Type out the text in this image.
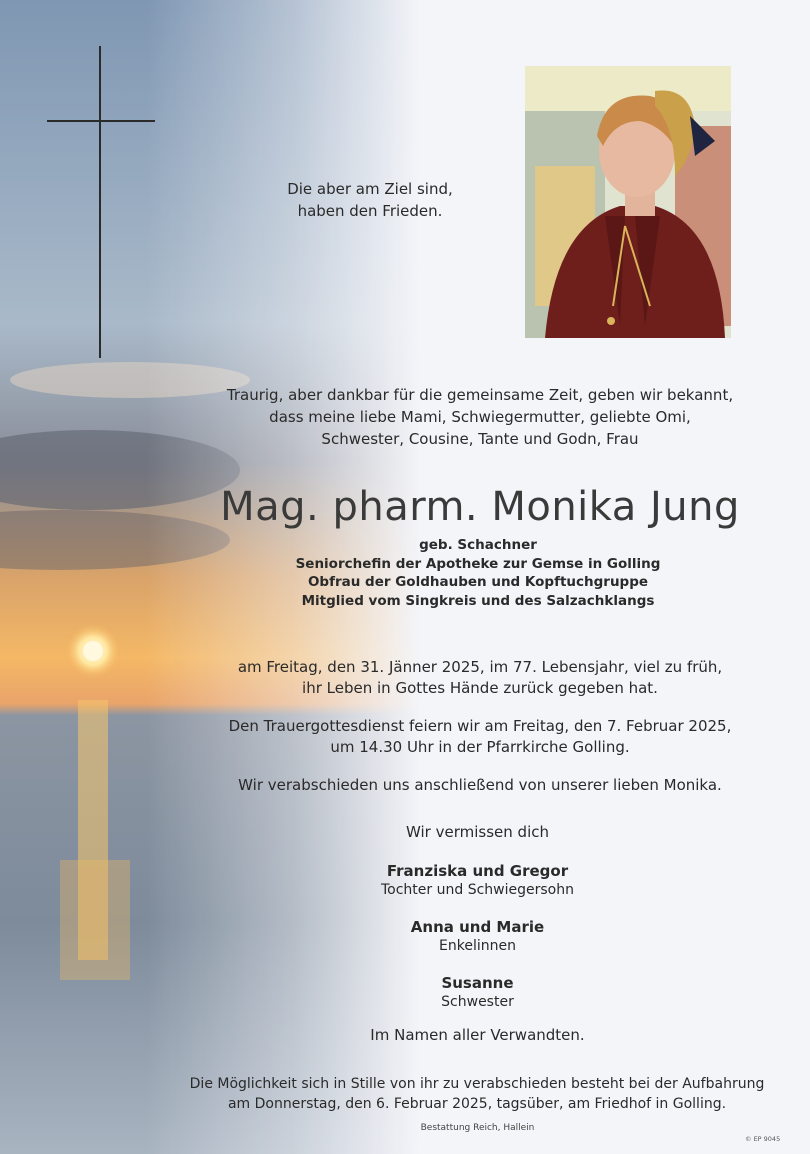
Die aber am Ziel sind,
haben den Frieden.
Traurig, aber dankbar für die gemeinsame Zeit, geben wir bekannt,
dass meine liebe Mami, Schwiegermutter, geliebte Omi,
Schwester, Cousine, Tante und Godn, Frau
Mag. pharm. Monika Jung
geb. Schachner
Seniorchefin der Apotheke zur Gemse in Golling
Obfrau der Goldhauben und Kopftuchgruppe
Mitglied vom Singkreis und des Salzachklangs
am Freitag, den 31. Jänner 2025, im 77. Lebensjahr, viel zu früh,
ihr Leben in Gottes Hände zurück gegeben hat.
Den Trauergottesdienst feiern wir am Freitag, den 7. Februar 2025,
um 14.30 Uhr in der Pfarrkirche Golling.
Wir verabschieden uns anschließend von unserer lieben Monika.
Wir vermissen dich
Franziska und Gregor
Tochter und Schwiegersohn
Anna und Marie
Enkelinnen
Susanne
Schwester
Im Namen aller Verwandten.
Die Möglichkeit sich in Stille von ihr zu verabschieden besteht bei der Aufbahrung
am Donnerstag, den 6. Februar 2025, tagsüber, am Friedhof in Golling.
Bestattung Reich, Hallein
© EP 9045
